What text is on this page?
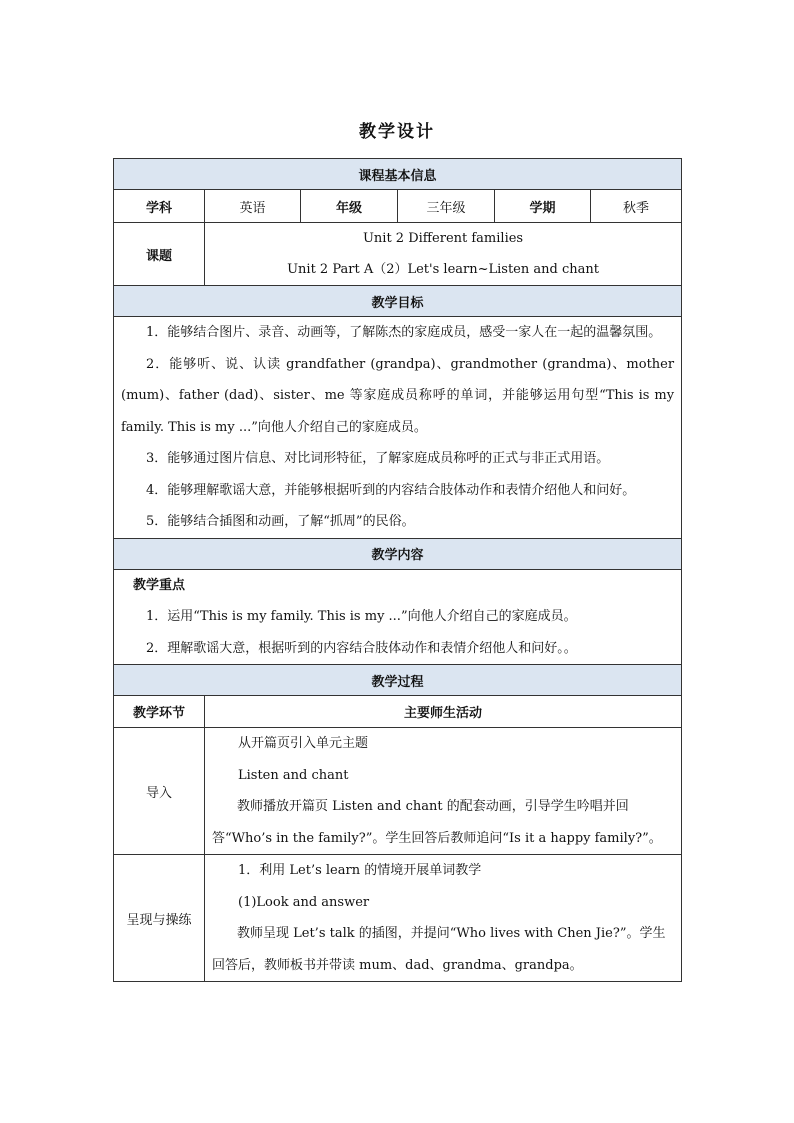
教学设计
课程基本信息					
学科	英语	年级	三年级	学期	秋季
课题	Unit 2 Different families
Unit 2 Part A（2）Let's learn~Listen and chant				

教学目标					

1．能够结合图片、录音、动画等，了解陈杰的家庭成员，感受一家人在一起的温馨氛围。

2．能够听、说、认读 grandfather (grandpa)、grandmother (grandma)、mother (mum)、father (dad)、sister、me 等家庭成员称呼的单词，并能够运用句型“This is my family. This is my ...”向他人介绍自己的家庭成员。

3．能够通过图片信息、对比词形特征，了解家庭成员称呼的正式与非正式用语。

4．能够理解歌谣大意，并能够根据听到的内容结合肢体动作和表情介绍他人和问好。

5．能够结合插图和动画，了解“抓周”的民俗。					

教学内容					

教学重点

1．运用“This is my family. This is my ...”向他人介绍自己的家庭成员。

2．理解歌谣大意，根据听到的内容结合肢体动作和表情介绍他人和问好。。					

教学过程					
教学环节	主要师生活动				
导入	从开篇页引入单元主题

Listen and chant

教师播放开篇页 Listen and chant 的配套动画，引导学生吟唱并回答“Who’s in the family?”。学生回答后教师追问“Is it a happy family?”。				

呈现与操练	1．利用 Let’s learn 的情境开展单词教学

(1)Look and answer

教师呈现 Let’s talk 的插图，并提问“Who lives with Chen Jie?”。学生回答后，教师板书并带读 mum、dad、grandma、grandpa。				
